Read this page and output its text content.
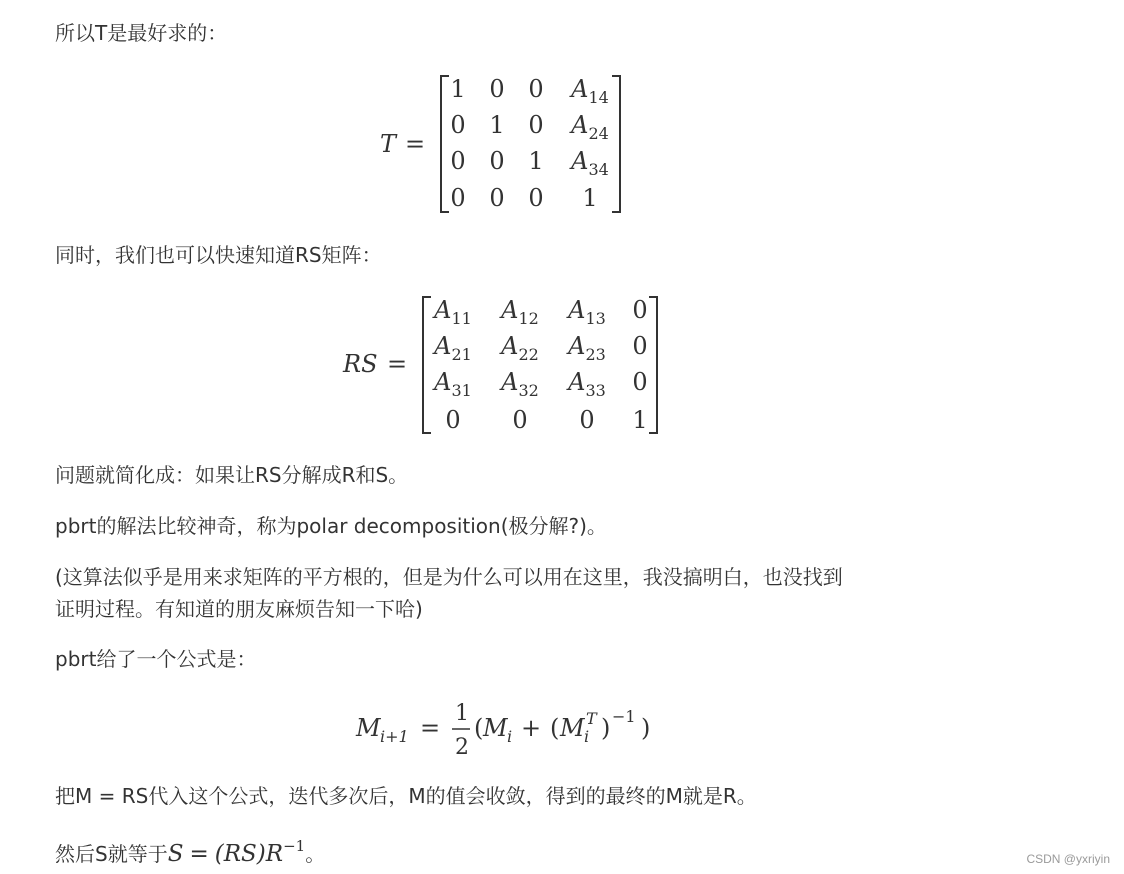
所以T是最好求的：

同时，我们也可以快速知道RS矩阵：

问题就简化成：如果让RS分解成R和S。

pbrt的解法比较神奇，称为polar decomposition(极分解?)。

(这算法似乎是用来求矩阵的平方根的，但是为什么可以用在这里，我没搞明白，也没找到

证明过程。有知道的朋友麻烦告知一下哈)

pbrt给了一个公式是：

把M = RS代入这个公式，迭代多次后，M的值会收敛，得到的最终的M就是R。

然后S就等于$S = (RS)R^{-1}$。

T =
1 0 0 $A_{14}$
0 1 0 $A_{24}$
0 0 1 $A_{34}$
0 0 0 1
RS =
$A_{11}$ $A_{12}$ $A_{13}$ 0
$A_{21}$ $A_{22}$ $A_{23}$ 0
$A_{31}$ $A_{32}$ $A_{33}$ 0
0 0 0 1
M i+1 =
1
2
( M i + ( M T
i ) −1 )
CSDN @yxriyin
